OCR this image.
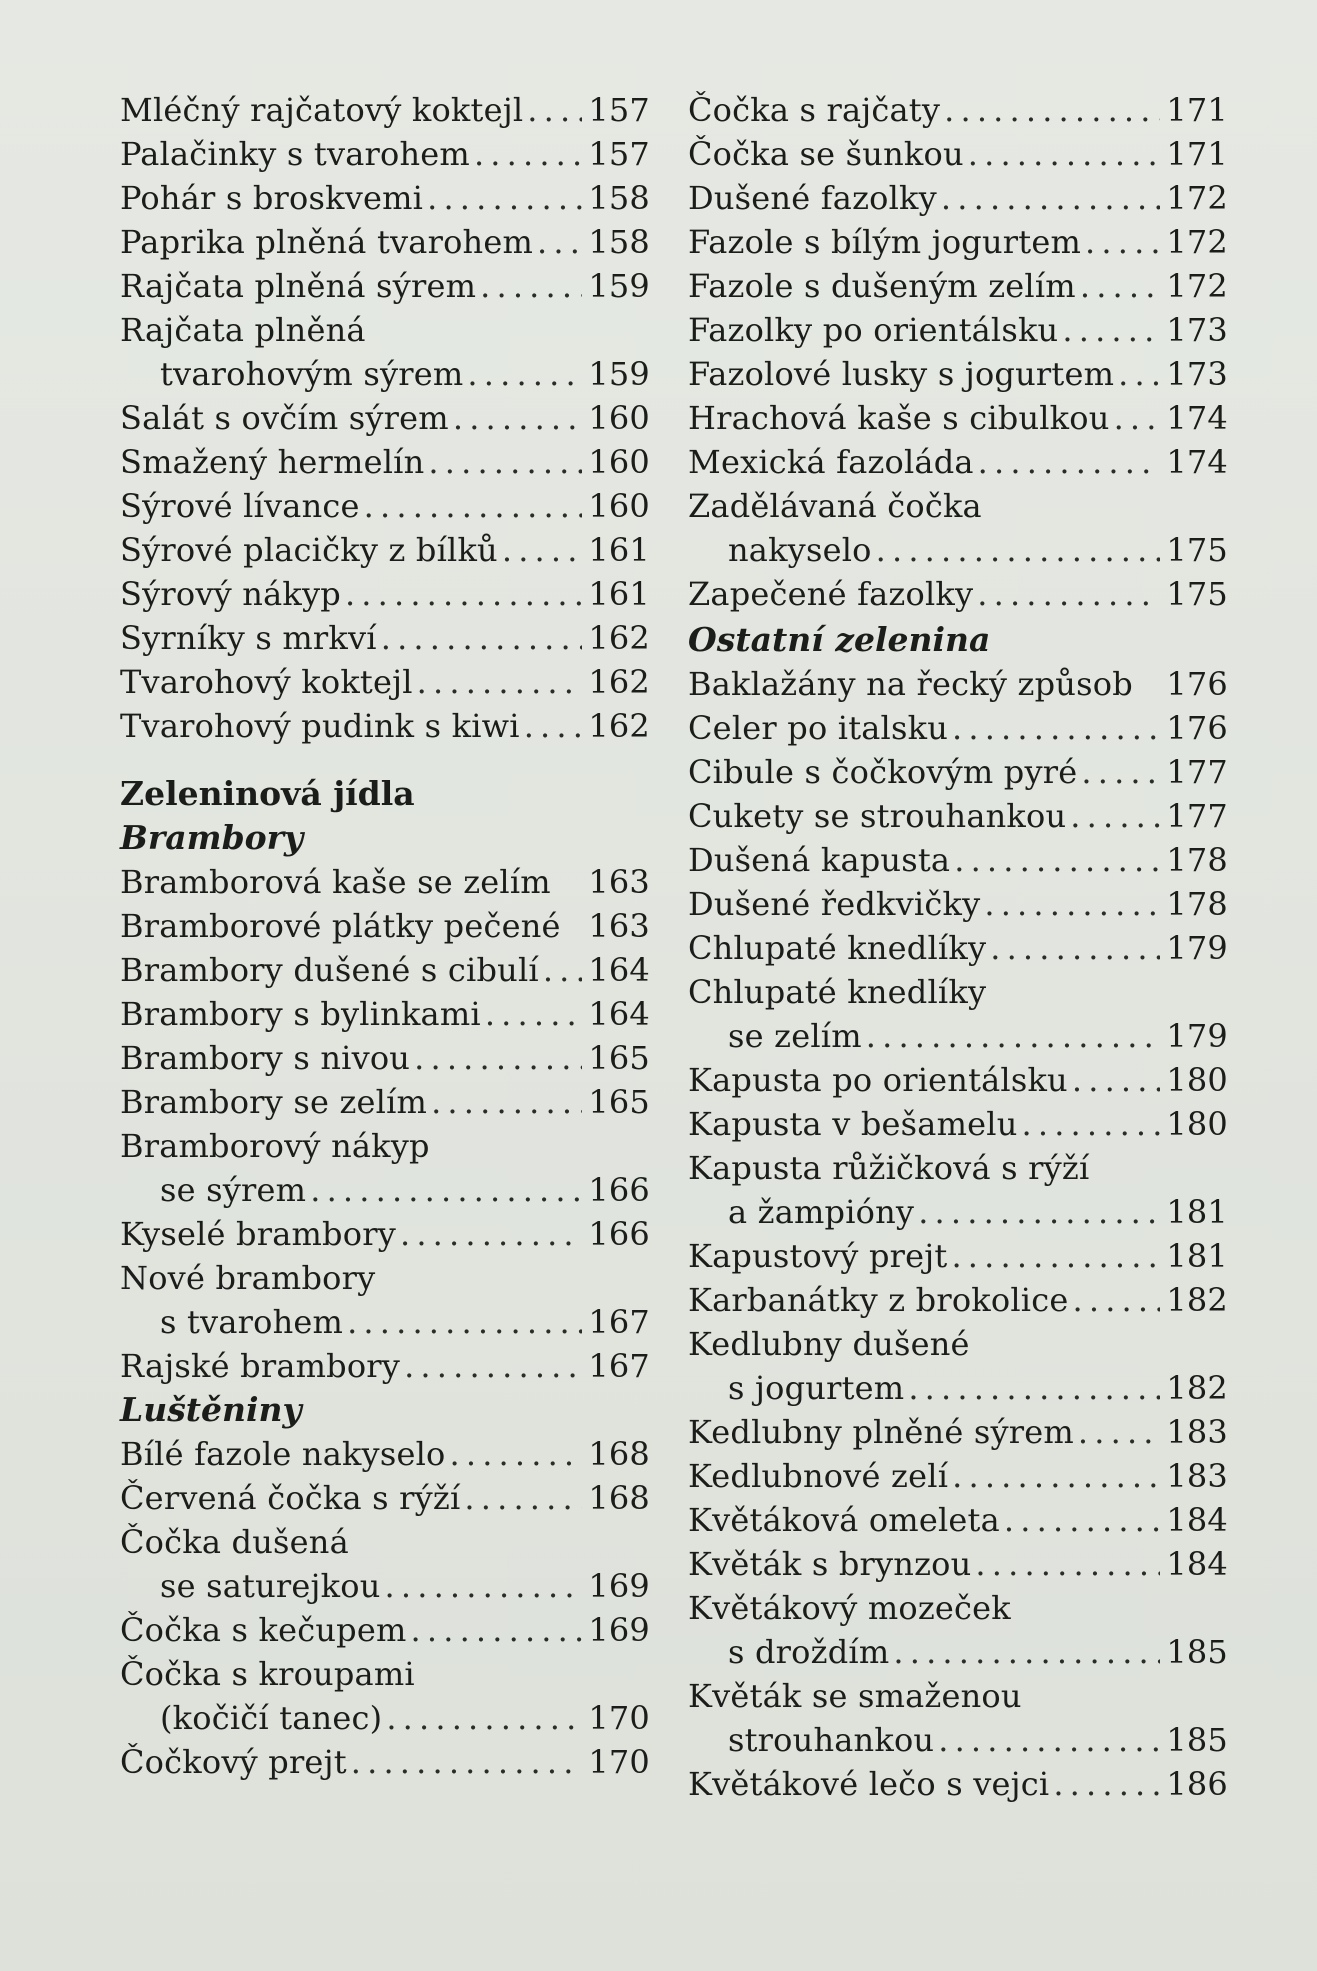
Mléčný rajčatový koktejl . . . 157
Palačinky s tvarohem . . .	157
Pohár s broskvemi . . .	158
Paprika plněná tvarohem . . . 158
Rajčata plněná sýrem . . .	159
Rajčata plněná
tvarohovým sýrem . . .	159
Salát s ovčím sýrem . . .	160
Smažený hermelín . . .	160
Sýrové lívance . . .	160
Sýrové placičky z bílků . . .	161
Sýrový nákyp . . .	161
Syrníky s mrkví . . .	162
Tvarohový koktejl . . .	162
Tvarohový pudink s kiwi . . . 162
Zeleninová jídla
Brambory
Bramborová kaše se zelím 163
Bramborové plátky pečené 163
Brambory dušené s cibulí . . . 164
Brambory s bylinkami . . .	164
Brambory s nivou . . .	165
Brambory se zelím . . .	165
Bramborový nákyp
se sýrem . . .	166
Kyselé brambory . . .	166
Nové brambory
s tvarohem . . .	167
Rajské brambory . . .	167
Luštěniny
Bílé fazole nakyselo . . .	168
Červená čočka s rýží . . .	168
Čočka dušená
se saturejkou . . .	169
Čočka s kečupem . . .	169
Čočka s kroupami
(kočičí tanec) . . .	170
Čočkový prejt . . .	170
Čočka s rajčaty . . .	171
Čočka se šunkou . . .	171
Dušené fazolky . . .	172
Fazole s bílým jogurtem . . .	172
Fazole s dušeným zelím . . .	172
Fazolky po orientálsku . . .	173
Fazolové lusky s jogurtem . . . 173
Hrachová kaše s cibulkou . . . 174
Mexická fazoláda . . .	174
Zadělávaná čočka
nakyselo . . .	175
Zapečené fazolky . . .	175
Ostatní zelenina
Baklažány na řecký způsob 176
Celer po italsku . . .	176
Cibule s čočkovým pyré . . .	177
Cukety se strouhankou . . .	177
Dušená kapusta . . .	178
Dušené ředkvičky . . .	178
Chlupaté knedlíky . . .	179
Chlupaté knedlíky
se zelím . . .	179
Kapusta po orientálsku . . .	180
Kapusta v bešamelu . . .	180
Kapusta růžičková s rýží
a žampióny . . .	181
Kapustový prejt . . .	181
Karbanátky z brokolice . . .	182
Kedlubny dušené
s jogurtem . . .	182
Kedlubny plněné sýrem . . .	183
Kedlubnové zelí . . .	183
Květáková omeleta . . .	184
Květák s brynzou . . .	184
Květákový mozeček
s droždím . . .	185
Květák se smaženou
strouhankou . . .	185
Květákové lečo s vejci . . .	186
